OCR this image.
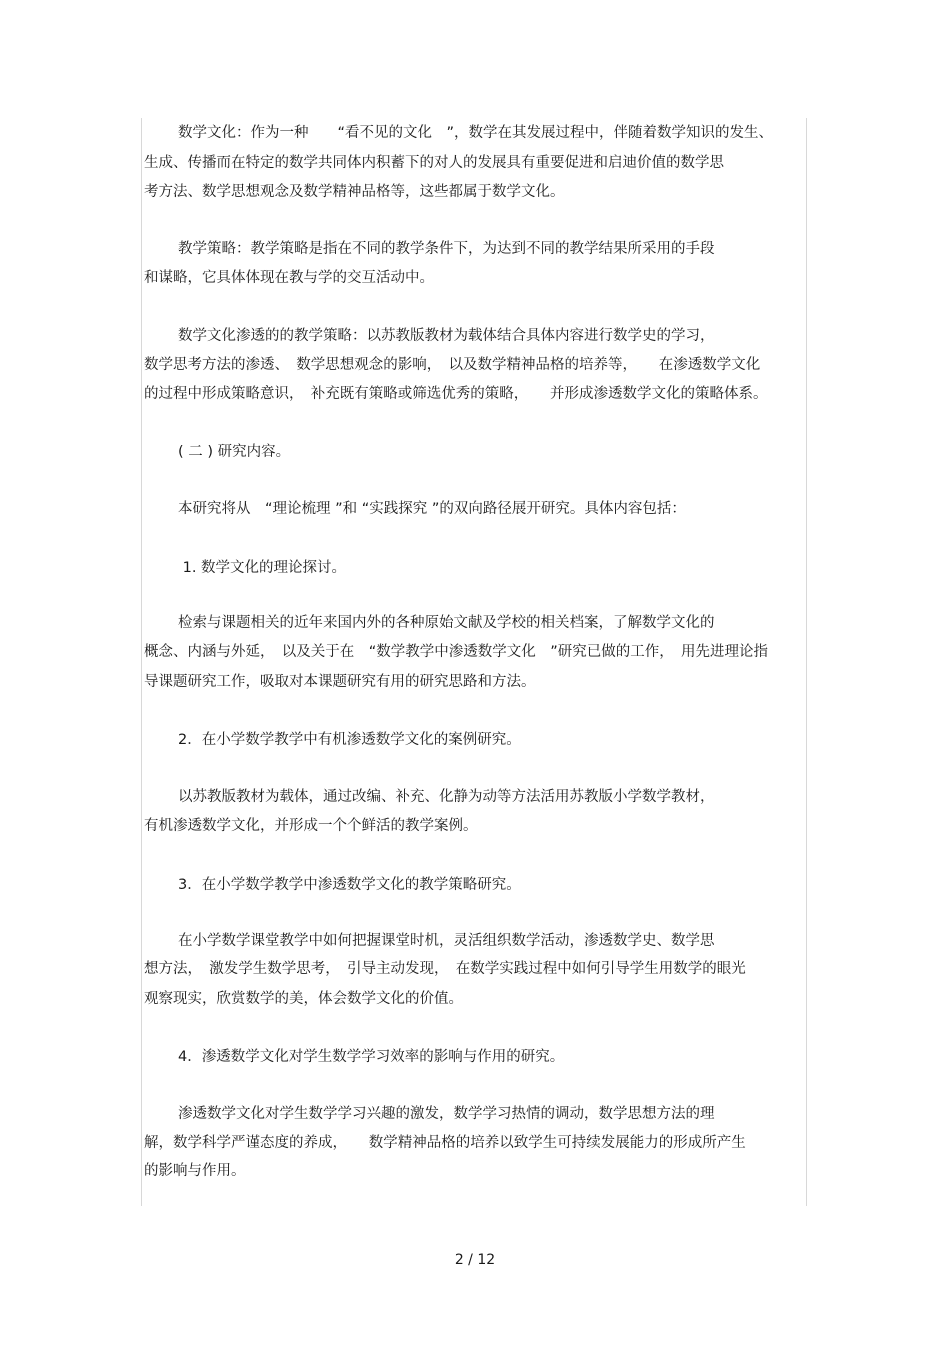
数学文化：作为一种　　“看不见的文化　”，数学在其发展过程中，伴随着数学知识的发生、
生成、传播而在特定的数学共同体内积蓄下的对人的发展具有重要促进和启迪价值的数学思
考方法、数学思想观念及数学精神品格等，这些都属于数学文化。
教学策略：教学策略是指在不同的教学条件下，为达到不同的教学结果所采用的手段
和谋略，它具体体现在教与学的交互活动中。
数学文化渗透的的教学策略：以苏教版教材为载体结合具体内容进行数学史的学习，
数学思考方法的渗透、　数学思想观念的影响，　以及数学精神品格的培养等，　　在渗透数学文化
的过程中形成策略意识，　补充既有策略或筛选优秀的策略，　　并形成渗透数学文化的策略体系。
( 二 ) 研究内容。
本研究将从　“理论梳理 ”和 “实践探究 ”的双向路径展开研究。具体内容包括：
1. 数学文化的理论探讨。
检索与课题相关的近年来国内外的各种原始文献及学校的相关档案，了解数学文化的
概念、内涵与外延，　以及关于在　“数学教学中渗透数学文化　”研究已做的工作，　用先进理论指
导课题研究工作，吸取对本课题研究有用的研究思路和方法。
2．在小学数学教学中有机渗透数学文化的案例研究。
以苏教版教材为载体，通过改编、补充、化静为动等方法活用苏教版小学数学教材，
有机渗透数学文化，并形成一个个鲜活的教学案例。
3．在小学数学教学中渗透数学文化的教学策略研究。
在小学数学课堂教学中如何把握课堂时机，灵活组织数学活动，渗透数学史、数学思
想方法，　激发学生数学思考，　引导主动发现，　在数学实践过程中如何引导学生用数学的眼光
观察现实，欣赏数学的美，体会数学文化的价值。
4．渗透数学文化对学生数学学习效率的影响与作用的研究。
渗透数学文化对学生数学学习兴趣的激发，数学学习热情的调动，数学思想方法的理
解，数学科学严谨态度的养成，　　数学精神品格的培养以致学生可持续发展能力的形成所产生
的影响与作用。
2 / 12
